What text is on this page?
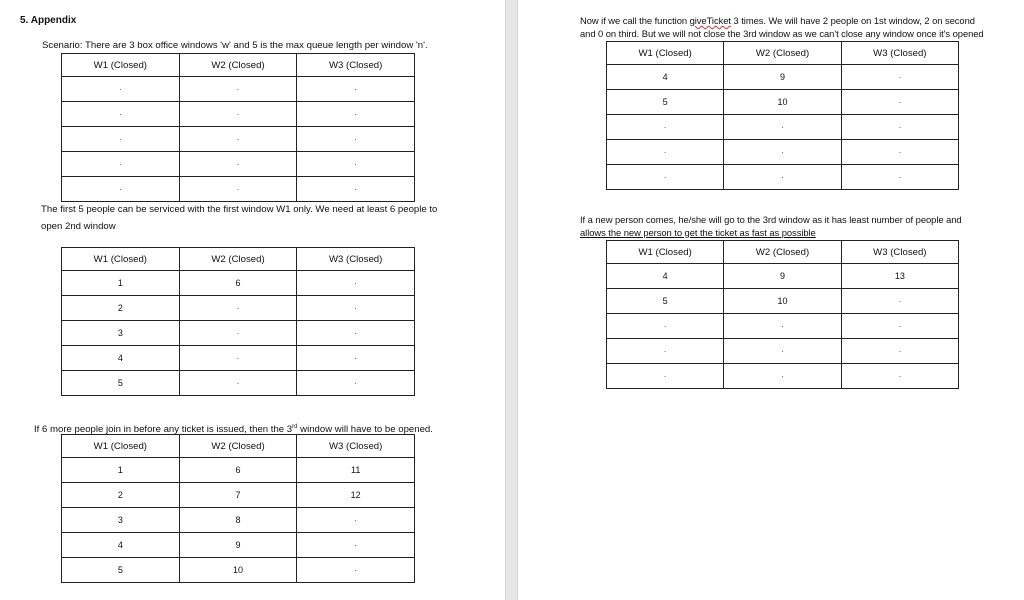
5. Appendix
Scenario: There are 3 box office windows 'w' and 5 is the max queue length per window 'n'.
W1 (Closed)	W2 (Closed)	W3 (Closed)
·	·	·
·	·	·
·	·	·
·	·	·
·	·	·
The first 5 people can be serviced with the first window W1 only. We need at least 6 people to
open 2nd window
W1 (Closed)	W2 (Closed)	W3 (Closed)
1	6	·
2	·	·
3	·	·
4	·	·
5	·	·
If 6 more people join in before any ticket is issued, then the 3rd window will have to be opened.
W1 (Closed)	W2 (Closed)	W3 (Closed)
1	6	11
2	7	12
3	8	·
4	9	·
5	10	·
Now if we call the function giveTicket 3 times. We will have 2 people on 1st window, 2 on second
and 0 on third. But we will not close the 3rd window as we can't close any window once it's opened
W1 (Closed)	W2 (Closed)	W3 (Closed)
4	9	·
5	10	·
·	·	·
·	·	·
·	·	·
If a new person comes, he/she will go to the 3rd window as it has least number of people and
allows the new person to get the ticket as fast as possible
W1 (Closed)	W2 (Closed)	W3 (Closed)
4	9	13
5	10	·
·	·	·
·	·	·
·	·	·
